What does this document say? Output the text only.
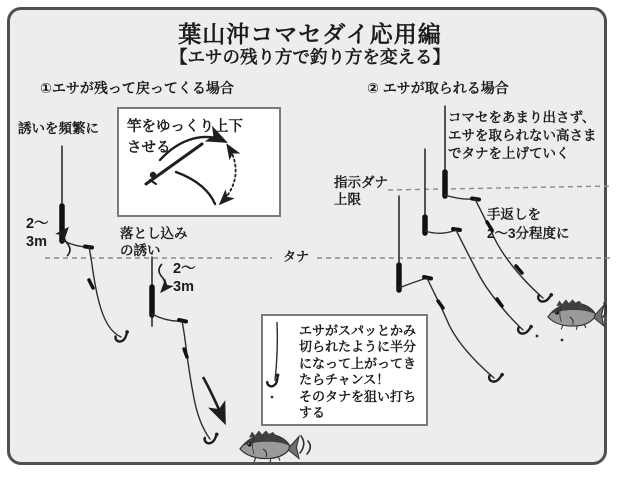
葉山沖コマセダイ応用編
【エサの残り方で釣り方を変える】
①エサが残って戻ってくる場合	② エサが取られる場合
誘いを頻繁に
2～
3m
竿をゆっくり上下
させる
落とし込み
の誘い
2～
3m
タナ
指示ダナ
上限
コマセをあまり出さず、
エサを取られない高さま
でタナを上げていく
手返しを
2～3分程度に
エサがスパッとかみ
切られたように半分
になって上がってき
たらチャンス！
そのタナを狙い打ち
する
